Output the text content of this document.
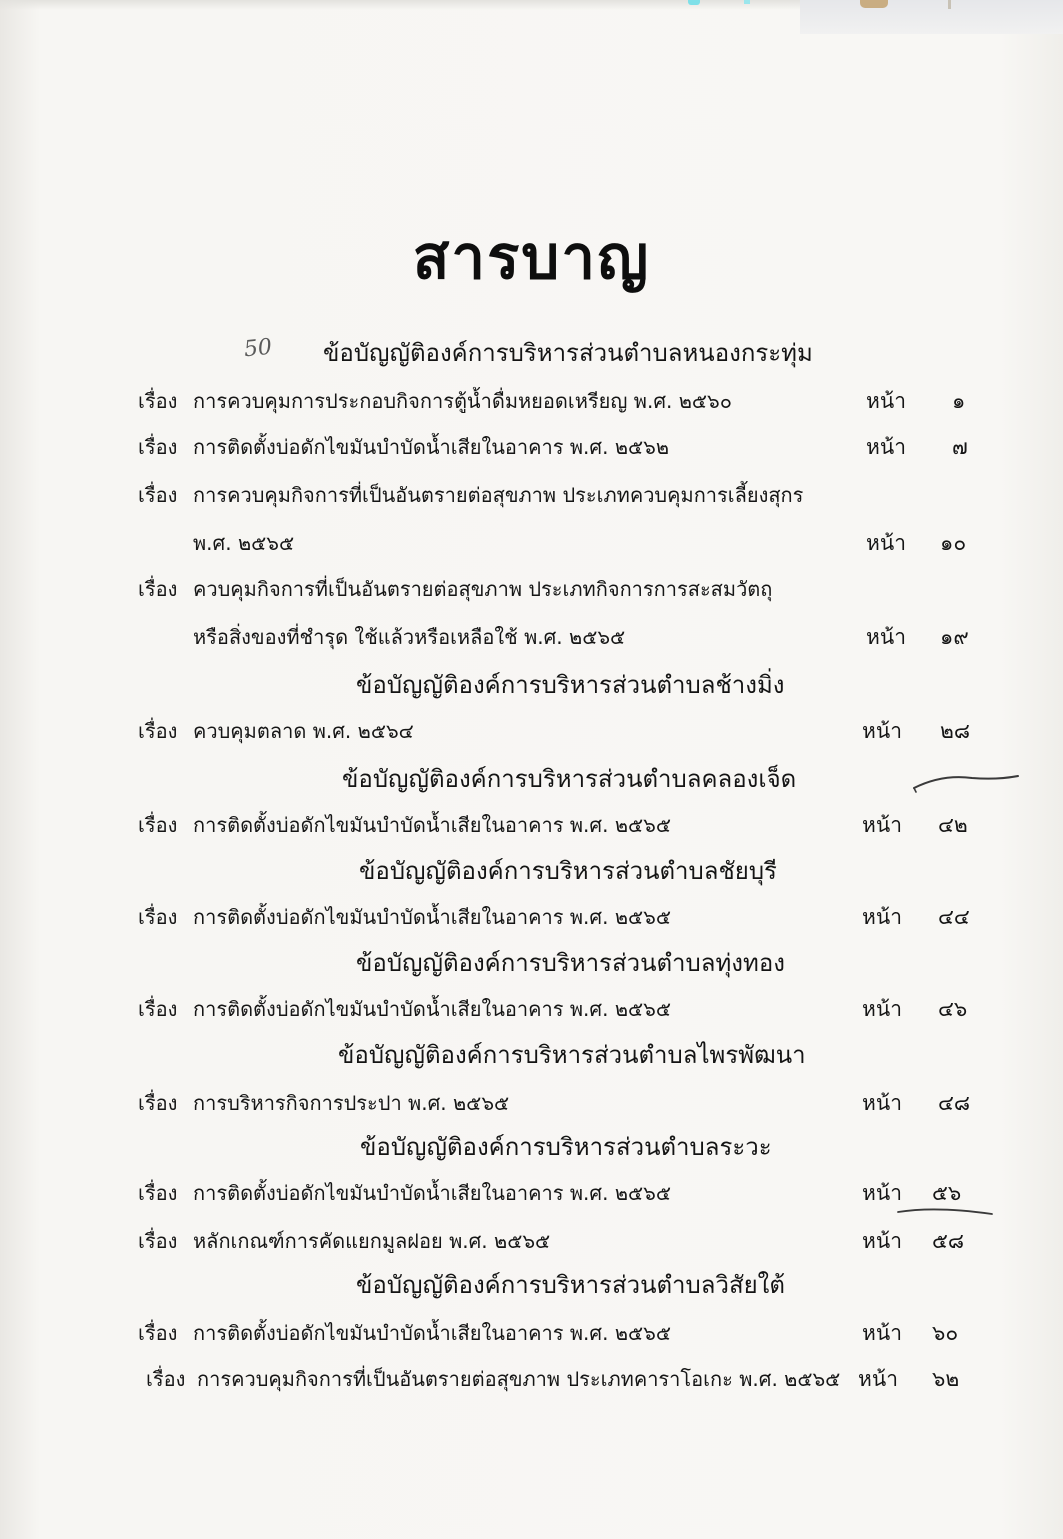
สารบาญ
50 ข้อบัญญัติองค์การบริหารส่วนตำบลหนองกระทุ่ม
เรื่อง การควบคุมการประกอบกิจการตู้น้ำดื่มหยอดเหรียญ พ.ศ. ๒๕๖๐	หน้า ๑
เรื่อง การติดตั้งบ่อดักไขมันบำบัดน้ำเสียในอาคาร พ.ศ. ๒๕๖๒	หน้า ๗
เรื่อง การควบคุมกิจการที่เป็นอันตรายต่อสุขภาพ ประเภทควบคุมการเลี้ยงสุกร
พ.ศ. ๒๕๖๕	หน้า ๑๐
เรื่อง ควบคุมกิจการที่เป็นอันตรายต่อสุขภาพ ประเภทกิจการการสะสมวัตถุ
หรือสิ่งของที่ชำรุด ใช้แล้วหรือเหลือใช้ พ.ศ. ๒๕๖๕	หน้า ๑๙
ข้อบัญญัติองค์การบริหารส่วนตำบลช้างมิ่ง
เรื่อง ควบคุมตลาด พ.ศ. ๒๕๖๔	หน้า ๒๘
ข้อบัญญัติองค์การบริหารส่วนตำบลคลองเจ็ด
เรื่อง การติดตั้งบ่อดักไขมันบำบัดน้ำเสียในอาคาร พ.ศ. ๒๕๖๕	หน้า ๔๒
ข้อบัญญัติองค์การบริหารส่วนตำบลชัยบุรี
เรื่อง การติดตั้งบ่อดักไขมันบำบัดน้ำเสียในอาคาร พ.ศ. ๒๕๖๕	หน้า ๔๔
ข้อบัญญัติองค์การบริหารส่วนตำบลทุ่งทอง
เรื่อง การติดตั้งบ่อดักไขมันบำบัดน้ำเสียในอาคาร พ.ศ. ๒๕๖๕	หน้า ๔๖
ข้อบัญญัติองค์การบริหารส่วนตำบลไพรพัฒนา
เรื่อง การบริหารกิจการประปา พ.ศ. ๒๕๖๕	หน้า ๔๘
ข้อบัญญัติองค์การบริหารส่วนตำบลระวะ
เรื่อง การติดตั้งบ่อดักไขมันบำบัดน้ำเสียในอาคาร พ.ศ. ๒๕๖๕	หน้า ๕๖
เรื่อง หลักเกณฑ์การคัดแยกมูลฝอย พ.ศ. ๒๕๖๕	หน้า ๕๘
ข้อบัญญัติองค์การบริหารส่วนตำบลวิสัยใต้
เรื่อง การติดตั้งบ่อดักไขมันบำบัดน้ำเสียในอาคาร พ.ศ. ๒๕๖๕	หน้า ๖๐
เรื่อง การควบคุมกิจการที่เป็นอันตรายต่อสุขภาพ ประเภทคาราโอเกะ พ.ศ. ๒๕๖๕ หน้า ๖๒
